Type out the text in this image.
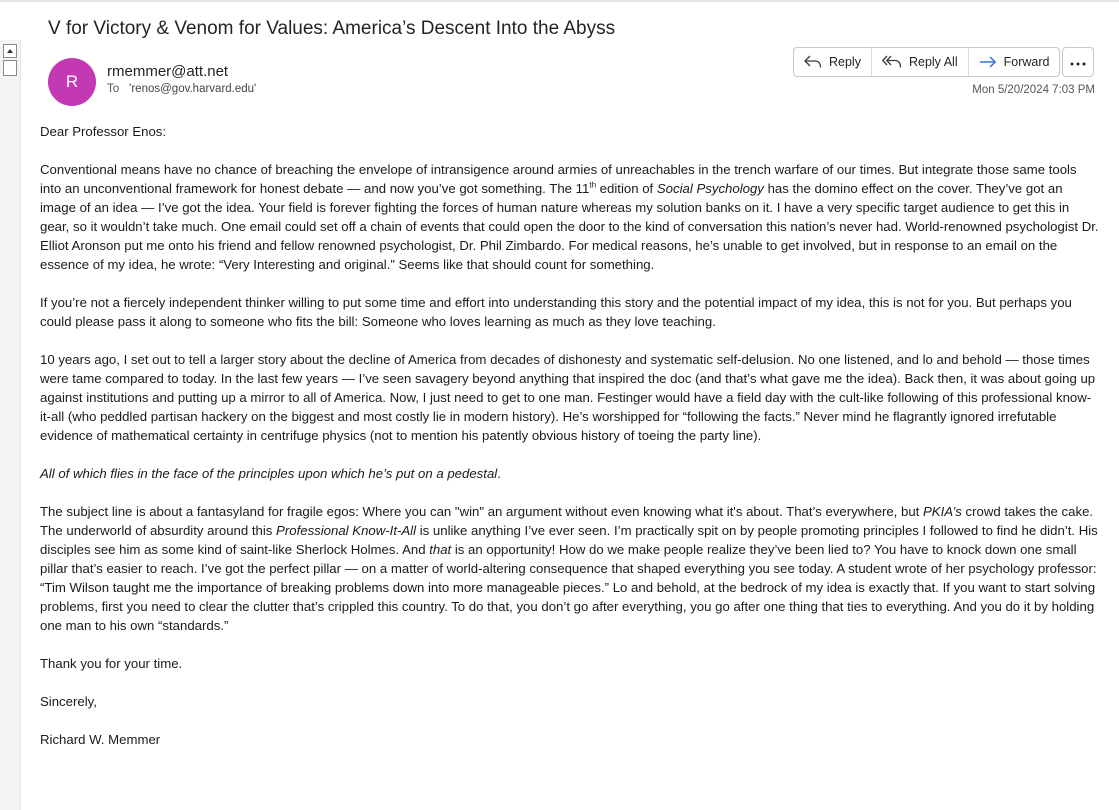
V for Victory & Venom for Values: America’s Descent Into the Abyss
R
rmemmer@att.net
To 'renos@gov.harvard.edu'
Reply	Reply All	Forward
Mon 5/20/2024 7:03 PM

Dear Professor Enos:

Conventional means have no chance of breaching the envelope of intransigence around armies of unreachables in the trench warfare of our times. But integrate those same tools into an unconventional framework for honest debate — and now you’ve got something. The 11th edition of Social Psychology has the domino effect on the cover. They’ve got an image of an idea — I’ve got the idea. Your field is forever fighting the forces of human nature whereas my solution banks on it. I have a very specific target audience to get this in gear, so it wouldn’t take much. One email could set off a chain of events that could open the door to the kind of conversation this nation’s never had. World-renowned psychologist Dr. Elliot Aronson put me onto his friend and fellow renowned psychologist, Dr. Phil Zimbardo. For medical reasons, he’s unable to get involved, but in response to an email on the essence of my idea, he wrote: “Very Interesting and original.” Seems like that should count for something.

If you’re not a fiercely independent thinker willing to put some time and effort into understanding this story and the potential impact of my idea, this is not for you. But perhaps you could please pass it along to someone who fits the bill: Someone who loves learning as much as they love teaching.

10 years ago, I set out to tell a larger story about the decline of America from decades of dishonesty and systematic self-delusion. No one listened, and lo and behold — those times were tame compared to today. In the last few years — I’ve seen savagery beyond anything that inspired the doc (and that’s what gave me the idea). Back then, it was about going up against institutions and putting up a mirror to all of America. Now, I just need to get to one man. Festinger would have a field day with the cult-like following of this professional know-it-all (who peddled partisan hackery on the biggest and most costly lie in modern history). He’s worshipped for “following the facts.” Never mind he flagrantly ignored irrefutable evidence of mathematical certainty in centrifuge physics (not to mention his patently obvious history of toeing the party line).

All of which flies in the face of the principles upon which he’s put on a pedestal.

The subject line is about a fantasyland for fragile egos: Where you can "win" an argument without even knowing what it's about. That’s everywhere, but PKIA’s crowd takes the cake. The underworld of absurdity around this Professional Know-It-All is unlike anything I’ve ever seen. I’m practically spit on by people promoting principles I followed to find he didn’t. His disciples see him as some kind of saint-like Sherlock Holmes. And that is an opportunity! How do we make people realize they’ve been lied to? You have to knock down one small pillar that’s easier to reach. I’ve got the perfect pillar — on a matter of world-altering consequence that shaped everything you see today. A student wrote of her psychology professor: “Tim Wilson taught me the importance of breaking problems down into more manageable pieces.” Lo and behold, at the bedrock of my idea is exactly that. If you want to start solving problems, first you need to clear the clutter that’s crippled this country. To do that, you don’t go after everything, you go after one thing that ties to everything. And you do it by holding one man to his own “standards.”

Thank you for your time.

Sincerely,

Richard W. Memmer
